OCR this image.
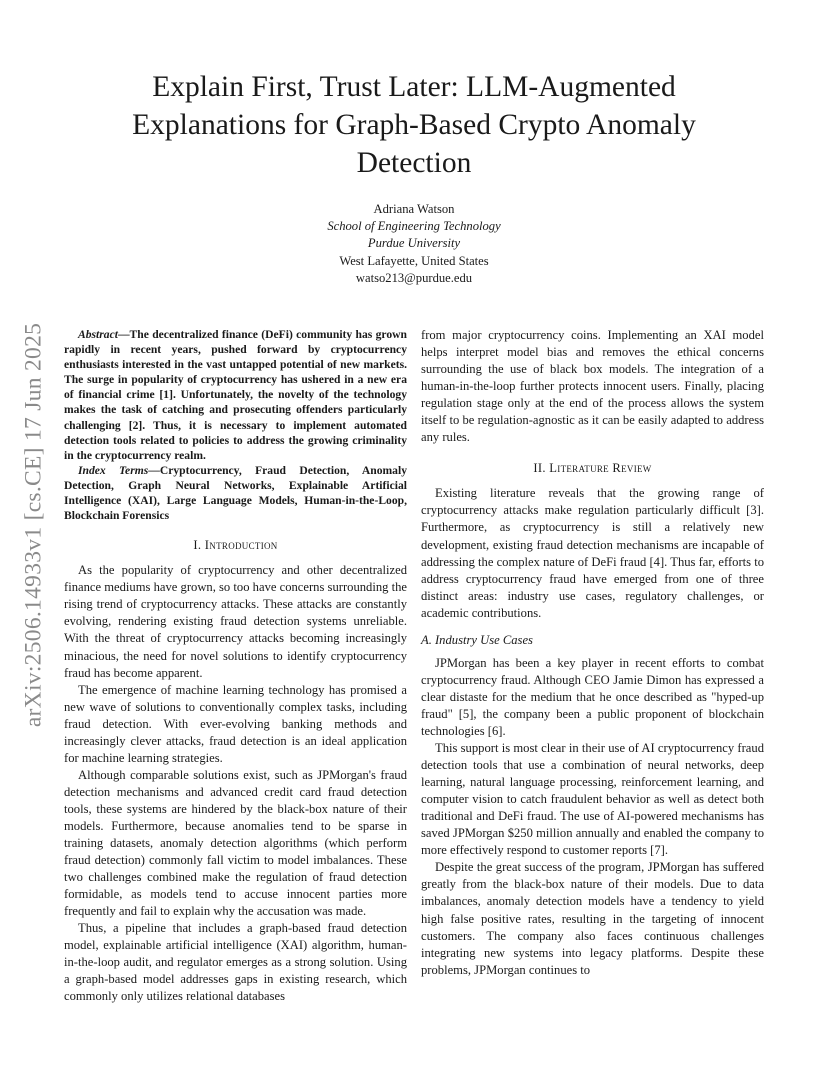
arXiv:2506.14933v1 [cs.CE] 17 Jun 2025
Explain First, Trust Later: LLM-Augmented Explanations for Graph-Based Crypto Anomaly Detection
Adriana Watson
School of Engineering Technology
Purdue University
West Lafayette, United States
watso213@purdue.edu

Abstract—The decentralized finance (DeFi) community has grown rapidly in recent years, pushed forward by cryptocurrency enthusiasts interested in the vast untapped potential of new markets. The surge in popularity of cryptocurrency has ushered in a new era of financial crime [1]. Unfortunately, the novelty of the technology makes the task of catching and prosecuting offenders particularly challenging [2]. Thus, it is necessary to implement automated detection tools related to policies to address the growing criminality in the cryptocurrency realm.

Index Terms—Cryptocurrency, Fraud Detection, Anomaly Detection, Graph Neural Networks, Explainable Artificial Intelligence (XAI), Large Language Models, Human-in-the-Loop, Blockchain Forensics

I. Introduction

As the popularity of cryptocurrency and other decentralized finance mediums have grown, so too have concerns surrounding the rising trend of cryptocurrency attacks. These attacks are constantly evolving, rendering existing fraud detection systems unreliable. With the threat of cryptocurrency attacks becoming increasingly minacious, the need for novel solutions to identify cryptocurrency fraud has become apparent.

The emergence of machine learning technology has promised a new wave of solutions to conventionally complex tasks, including fraud detection. With ever-evolving banking methods and increasingly clever attacks, fraud detection is an ideal application for machine learning strategies.

Although comparable solutions exist, such as JPMorgan's fraud detection mechanisms and advanced credit card fraud detection tools, these systems are hindered by the black-box nature of their models. Furthermore, because anomalies tend to be sparse in training datasets, anomaly detection algorithms (which perform fraud detection) commonly fall victim to model imbalances. These two challenges combined make the regulation of fraud detection formidable, as models tend to accuse innocent parties more frequently and fail to explain why the accusation was made.

Thus, a pipeline that includes a graph-based fraud detection model, explainable artificial intelligence (XAI) algorithm, human-in-the-loop audit, and regulator emerges as a strong solution. Using a graph-based model addresses gaps in existing research, which commonly only utilizes relational databases

from major cryptocurrency coins. Implementing an XAI model helps interpret model bias and removes the ethical concerns surrounding the use of black box models. The integration of a human-in-the-loop further protects innocent users. Finally, placing regulation stage only at the end of the process allows the system itself to be regulation-agnostic as it can be easily adapted to address any rules.

II. Literature Review

Existing literature reveals that the growing range of cryptocurrency attacks make regulation particularly difficult [3]. Furthermore, as cryptocurrency is still a relatively new development, existing fraud detection mechanisms are incapable of addressing the complex nature of DeFi fraud [4]. Thus far, efforts to address cryptocurrency fraud have emerged from one of three distinct areas: industry use cases, regulatory challenges, or academic contributions.

A. Industry Use Cases

JPMorgan has been a key player in recent efforts to combat cryptocurrency fraud. Although CEO Jamie Dimon has expressed a clear distaste for the medium that he once described as "hyped-up fraud" [5], the company been a public proponent of blockchain technologies [6].

This support is most clear in their use of AI cryptocurrency fraud detection tools that use a combination of neural networks, deep learning, natural language processing, reinforcement learning, and computer vision to catch fraudulent behavior as well as detect both traditional and DeFi fraud. The use of AI-powered mechanisms has saved JPMorgan $250 million annually and enabled the company to more effectively respond to customer reports [7].

Despite the great success of the program, JPMorgan has suffered greatly from the black-box nature of their models. Due to data imbalances, anomaly detection models have a tendency to yield high false positive rates, resulting in the targeting of innocent customers. The company also faces continuous challenges integrating new systems into legacy platforms. Despite these problems, JPMorgan continues to
